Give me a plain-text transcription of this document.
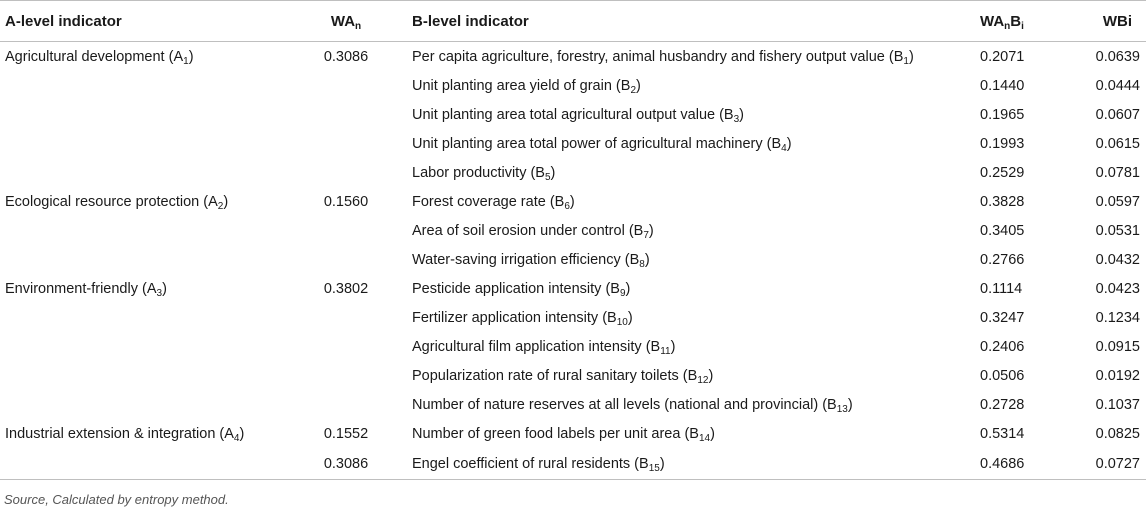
A-level indicator	$WA_n$	B-level indicator	$WA_nB_i$	WBi
Agricultural development $(A_1)$	0.3086	Per capita agriculture, forestry, animal husbandry and fishery output value $(B_1)$	0.2071	0.0639
		Unit planting area yield of grain $(B_2)$	0.1440	0.0444
		Unit planting area total agricultural output value $(B_3)$	0.1965	0.0607
		Unit planting area total power of agricultural machinery $(B_4)$	0.1993	0.0615
		Labor productivity $(B_5)$	0.2529	0.0781
Ecological resource protection $(A_2)$	0.1560	Forest coverage rate $(B_6)$	0.3828	0.0597
		Area of soil erosion under control $(B_7)$	0.3405	0.0531
		Water-saving irrigation efficiency $(B_8)$	0.2766	0.0432
Environment-friendly $(A_3)$	0.3802	Pesticide application intensity $(B_9)$	0.1114	0.0423
		Fertilizer application intensity $(B_{10})$	0.3247	0.1234
		Agricultural film application intensity $(B_{11})$	0.2406	0.0915
		Popularization rate of rural sanitary toilets $(B_{12})$	0.0506	0.0192
		Number of nature reserves at all levels (national and provincial) $(B_{13})$	0.2728	0.1037
Industrial extension & integration $(A_4)$	0.1552	Number of green food labels per unit area $(B_{14})$	0.5314	0.0825
	0.3086	Engel coefficient of rural residents $(B_{15})$	0.4686	0.0727
Source, Calculated by entropy method.
